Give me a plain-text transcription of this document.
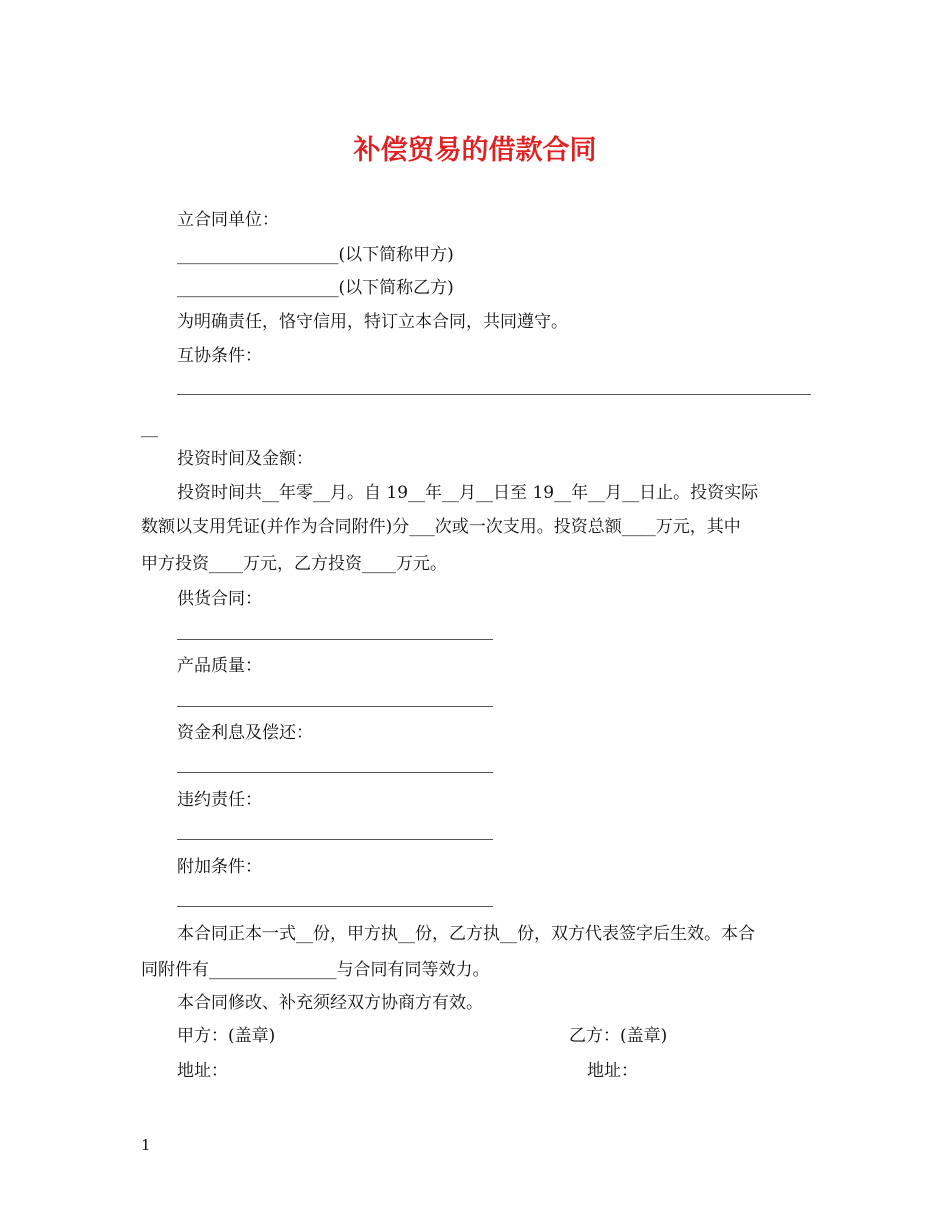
补偿贸易的借款合同
立合同单位：
___________________(以下简称甲方)
___________________(以下简称乙方)
为明确责任，恪守信用，特订立本合同，共同遵守。
互协条件：
__
投资时间及金额：
投资时间共__年零__月。自 19__年__月__日至 19__年__月__日止。投资实际
数额以支用凭证(并作为合同附件)分___次或一次支用。投资总额____万元，其中
甲方投资____万元，乙方投资____万元。
供货合同：
产品质量：
资金利息及偿还：
违约责任：
附加条件：
本合同正本一式__份，甲方执__份，乙方执__份，双方代表签字后生效。本合
同附件有_______________与合同有同等效力。
本合同修改、补充须经双方协商方有效。
甲方：(盖章)	乙方：(盖章)
地址：	地址：
1
